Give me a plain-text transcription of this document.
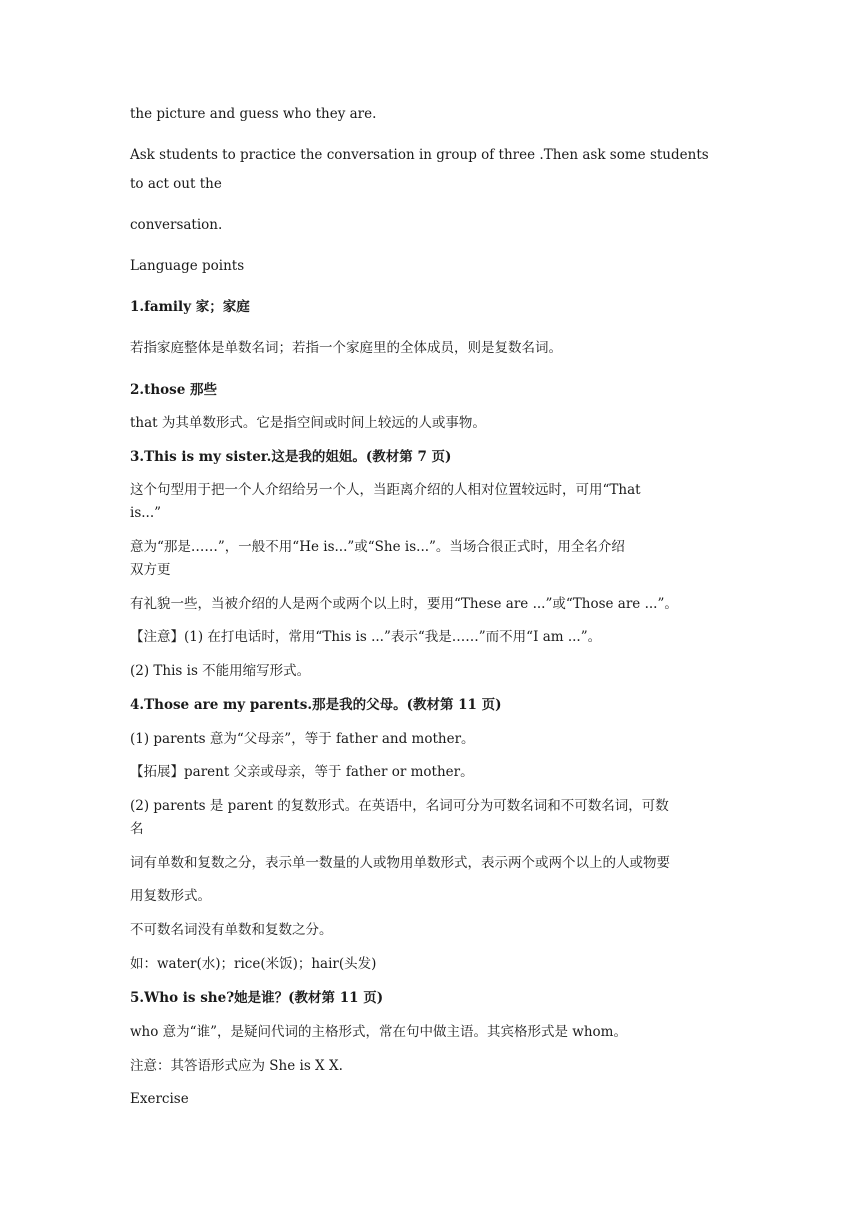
the picture and guess who they are.
Ask students to practice the conversation in group of three .Then ask some students
to act out the
conversation.
Language points
1.family 家；家庭
若指家庭整体是单数名词；若指一个家庭里的全体成员，则是复数名词。
2.those 那些
that 为其单数形式。它是指空间或时间上较远的人或事物。
3.This is my sister.这是我的姐姐。(教材第 7 页)
这个句型用于把一个人介绍给另一个人，当距离介绍的人相对位置较远时，可用“That
is...”
意为“那是……”，一般不用“He is...”或“She is...”。当场合很正式时，用全名介绍
双方更
有礼貌一些，当被介绍的人是两个或两个以上时，要用“These are ...”或“Those are ...”。
【注意】(1) 在打电话时，常用“This is ...”表示“我是……”而不用“I am ...”。
(2) This is 不能用缩写形式。
4.Those are my parents.那是我的父母。(教材第 11 页)
(1) parents 意为“父母亲”，等于 father and mother。
【拓展】parent 父亲或母亲，等于 father or mother。
(2) parents 是 parent 的复数形式。在英语中，名词可分为可数名词和不可数名词，可数
名
词有单数和复数之分，表示单一数量的人或物用单数形式，表示两个或两个以上的人或物要
用复数形式。
不可数名词没有单数和复数之分。
如：water(水)；rice(米饭)；hair(头发)
5.Who is she?她是谁？(教材第 11 页)
who 意为“谁”，是疑问代词的主格形式，常在句中做主语。其宾格形式是 whom。
注意：其答语形式应为 She is X X.
Exercise
